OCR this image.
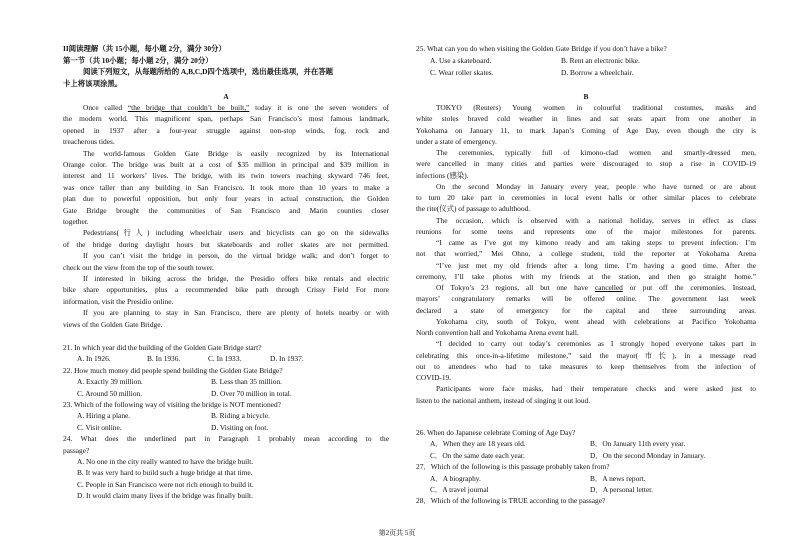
II阅读理解（共 15小题，每小题 2分，满分 30分）
第一节（共 10小题；每小题 2分，满分 20分）
阅读下列短文，从每题所给的 A,B,C,D四个选项中，选出最佳选项，并在答题
卡上将该项涂黑。
A
Once called “the bridge that couldn’t be built,” today it is one the seven wonders of
the modern world. This magnificent span, perhaps San Francisco’s most famous landmark,
opened in 1937 after a four-year struggle against non-stop winds, fog, rock and
treacherous tides.
The world-famous Golden Gate Bridge is easily recognized by its International
Orange color. The bridge was built at a cost of $35 million in principal and $39 million in
interest and 11 workers’ lives. The bridge, with its twin towers reaching skyward 746 feet,
was once taller than any building in San Francisco. It took more than 10 years to make a
plan due to powerful opposition, but only four years in actual construction, the Golden
Gate Bridge brought the communities of San Francisco and Marin counties closer
together.
Pedestrians(行人) including wheelchair users and bicyclists can go on the sidewalks
of the bridge during daylight hours but skateboards and roller skates are not permitted.
If you can’t visit the bridge in person, do the virtual bridge walk; and don’t forget to
check out the view from the top of the south tower.
If interested in biking across the bridge, the Presidio offers bike rentals and electric
bike share opportunities, plus a recommended bike path through Crissy Field For more
information, visit the Presidio online.
If you are planning to stay in San Francisco, there are plenty of hotels nearby or with
views of the Golden Gate Bridge.
21. In which year did the building of the Golden Gate Bridge start?
A. In 1926.	B. In 1936.	C. In 1933.	D. In 1937.
22. How much money did people spend building the Golden Gate Bridge?
A. Exactly 39 million.	B. Less than 35 million.
C. Around 50 million.	D. Over 70 million in total.
23. Which of the following way of visiting the bridge is NOT mentioned?
A. Hiring a plane.	B. Riding a bicycle.
C. Visit online.	D. Visiting on foot.
24. What does the underlined part in Paragraph 1 probably mean according to the
passage?
A. No one in the city really wanted to have the bridge built.
B. It was very hard to build such a huge bridge at that time.
C. People in San Francisco were not rich enough to build it.
D. It would claim many lives if the bridge was finally built.
25. What can you do when visiting the Golden Gate Bridge if you don’t have a bike?
A. Use a skateboard.	B. Rent an electronic bike.
C. Wear roller skates.	D. Borrow a wheelchair.
B
TOKYO (Reuters) Young women in colourful traditional costumes, masks and
white stoles braved cold weather in lines and sat seats apart from one another in
Yokohama on January 11, to mark Japan’s Coming of Age Day, even though the city is
under a state of emergency.
The ceremonies, typically full of kimono-clad women and smartly-dressed men,
were cancelled in many cities and parties were discouraged to stop a rise in COVID-19
infections (感染).
On the second Monday in January every year, people who have turned or are about
to turn 20 take part in ceremonies in local event halls or other similar places to celebrate
the rite(仪式) of passage to adulthood.
The occasion, which is observed with a national holiday, serves in effect as class
reunions for some teens and represents one of the major milestones for parents.
“I came as I’ve got my kimono ready and am taking steps to prevent infection. I’m
not that worried,” Mei Ohno, a college student, told the reporter at Yokohama Arena
“I’ve just met my old friends after a long time. I’m having a good time. After the
ceremony, I’ll take photos with my friends at the station, and then go straight home.”
Of Tokyo’s 23 regions, all but one have cancelled or put off the ceremonies. Instead,
mayors’ congratulatory remarks will be offered online. The government last week
declared a state of emergency for the capital and three surrounding areas.
Yokohama city, south of Tokyo, went ahead with celebrations at Pacifico Yokohama
North convention hall and Yokohama Arena event hall.
“I decided to carry out today’s ceremonies as I strongly hoped everyone takes part in
celebrating this once-in-a-lifetime milestone,” said the mayor(市长), in a message read
out to attendees who had to take measures to keep themselves from the infection of
COVID-19.
Participants wore face masks, had their temperature checks and were asked just to
listen to the national anthem, instead of singing it out loud.
26. When do Japanese celebrate Coming of Age Day?
A．When they are 18 years old.	B．On January 11th every year.
C．On the same date each year.	D．On the second Monday in January.
27．Which of the following is this passage probably taken from?
A．A biography.	B．A news report.
C．A travel journal	D．A personal letter.
28．Which of the following is TRUE according to the passage?
第2页共 5页
